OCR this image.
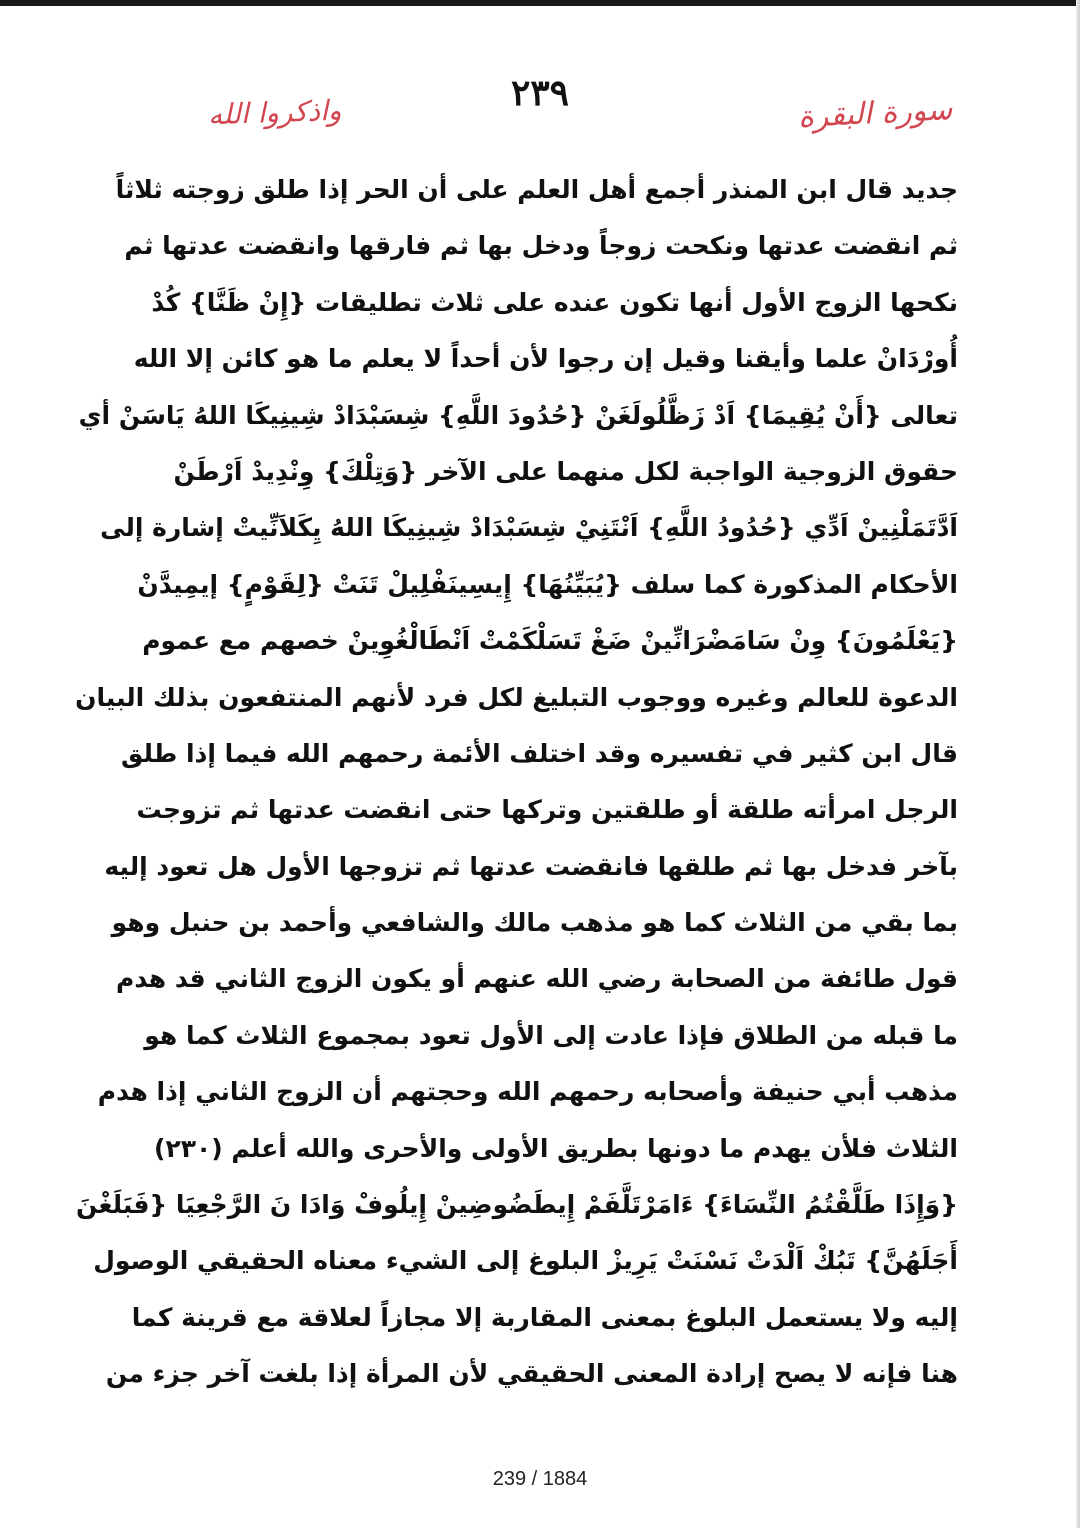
٢٣٩	سورة البقرة
واذكروا الله
جديد قال ابن المنذر أجمع أهل العلم على أن الحر إذا طلق زوجته ثلاثاً
ثم انقضت عدتها ونكحت زوجاً ودخل بها ثم فارقها وانقضت عدتها ثم
نكحها الزوج الأول أنها تكون عنده على ثلاث تطليقات {إِنْ ظَنَّا} كُدْ
أُورْدَانْ علما وأيقنا وقيل إن رجوا لأن أحداً لا يعلم ما هو كائن إلا الله
تعالى {أَنْ يُقِيمَا} اَدْ زَظَّلُولَغَنْ {حُدُودَ اللَّهِ} شِسَبْدَادْ شِينِيكَا اللهُ يَاسَنْ أي
حقوق الزوجية الواجبة لكل منهما على الآخر {وَتِلْكَ} وِنْدِيدْ اَرْطَنْ
اَدَّتَمَلْنِينْ اَدِّي {حُدُودُ اللَّهِ} اَنْتَنِيْ شِسَبْدَادْ شِينِيكَا اللهُ يِكَلاَنِّيتْ إشارة إلى
الأحكام المذكورة كما سلف {يُبَيِّنُهَا} إِيسِينَفْلِيلْ تَنَتْ {لِقَوْمٍ} إيمِيدَّنْ
{يَعْلَمُونَ} وِنْ سَامَضْرَانِّينْ ضَغْ تَسَلْكَمْتْ اَنْطَالْغُوِينْ خصهم مع عموم
الدعوة للعالم وغيره ووجوب التبليغ لكل فرد لأنهم المنتفعون بذلك البيان
قال ابن كثير في تفسيره وقد اختلف الأئمة رحمهم الله فيما إذا طلق
الرجل امرأته طلقة أو طلقتين وتركها حتى انقضت عدتها ثم تزوجت
بآخر فدخل بها ثم طلقها فانقضت عدتها ثم تزوجها الأول هل تعود إليه
بما بقي من الثلاث كما هو مذهب مالك والشافعي وأحمد بن حنبل وهو
قول طائفة من الصحابة رضي الله عنهم أو يكون الزوج الثاني قد هدم
ما قبله من الطلاق فإذا عادت إلى الأول تعود بمجموع الثلاث كما هو
مذهب أبي حنيفة وأصحابه رحمهم الله وحجتهم أن الزوج الثاني إذا هدم
الثلاث فلأن يهدم ما دونها بطريق الأولى والأحرى والله أعلم (٢٣٠)
{وَإِذَا طَلَّقْتُمُ النِّسَاءَ} ءَامَرْتَلَّفَمْ إِيطَضُوضِينْ إِيلُوفْ وَادَا نَ الرَّجْعِيَا {فَبَلَغْنَ
أَجَلَهُنَّ} تَبُكْ اَلْدَتْ نَسْنَتْ يَرِيزْ البلوغ إلى الشيء معناه الحقيقي الوصول
إليه ولا يستعمل البلوغ بمعنى المقاربة إلا مجازاً لعلاقة مع قرينة كما
هنا فإنه لا يصح إرادة المعنى الحقيقي لأن المرأة إذا بلغت آخر جزء من
239 / 1884
